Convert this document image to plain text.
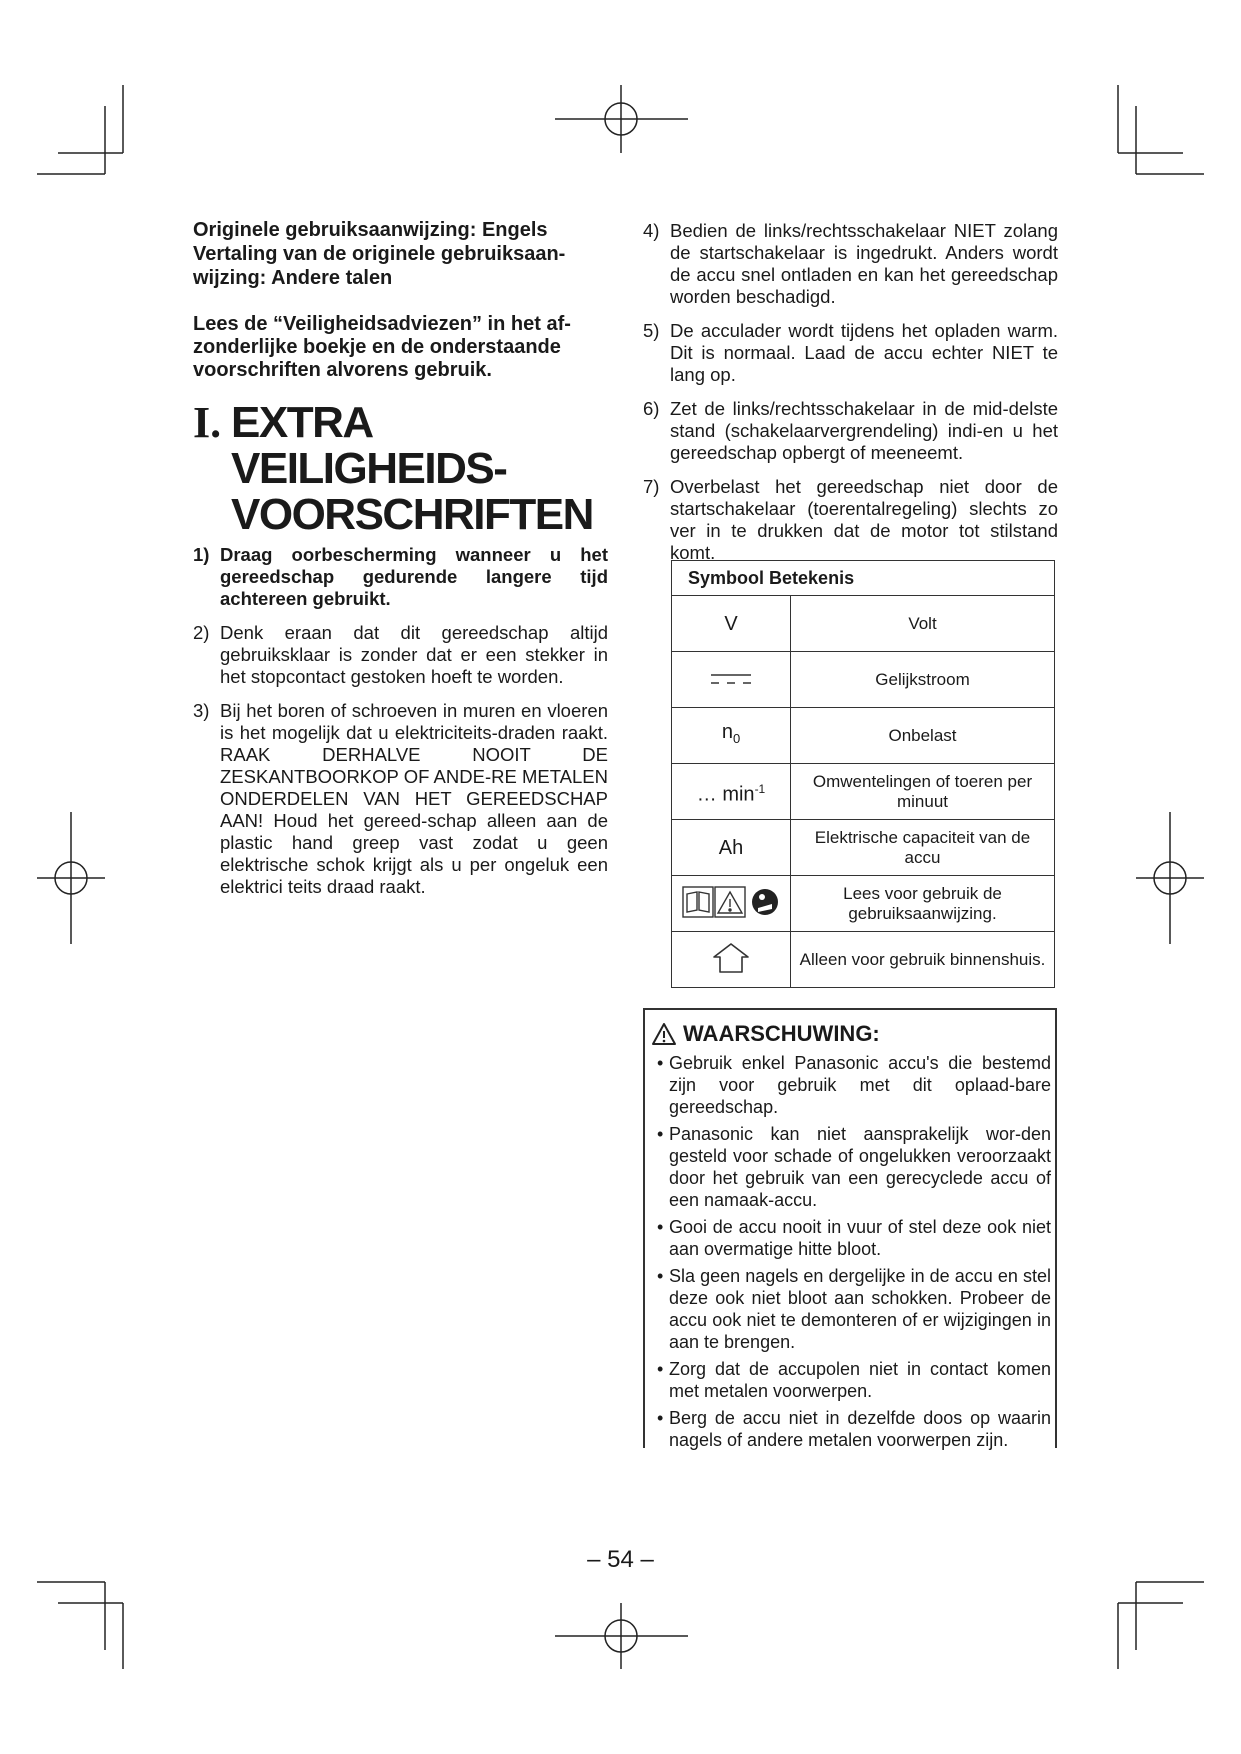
Originele gebruiksaanwijzing: Engels
Vertaling van de originele gebruiksaan-wijzing: Andere talen
Lees de “Veiligheidsadviezen” in het af-zonderlijke boekje en de onderstaande voorschriften alvorens gebruik.
I. EXTRA VEILIGHEIDS-VOORSCHRIFTEN
1) Draag oorbescherming wanneer u het gereedschap gedurende langere tijd achtereen gebruikt.
2) Denk eraan dat dit gereedschap altijd gebruiksklaar is zonder dat er een stekker in het stopcontact gestoken hoeft te worden.
3) Bij het boren of schroeven in muren en vloeren is het mogelijk dat u elektriciteits-draden raakt. RAAK DERHALVE NOOIT DE ZESKANTBOORKOP OF ANDE-RE METALEN ONDERDELEN VAN HET GEREEDSCHAP AAN! Houd het gereed-schap alleen aan de plastic hand greep vast zodat u geen elektrische schok krijgt als u per ongeluk een elektrici teits draad raakt.
4) Bedien de links/rechtsschakelaar NIET zolang de startschakelaar is ingedrukt. Anders wordt de accu snel ontladen en kan het gereedschap worden beschadigd.
5) De acculader wordt tijdens het opladen warm. Dit is normaal. Laad de accu echter NIET te lang op.
6) Zet de links/rechtsschakelaar in de mid-delste stand (schakelaarvergrendeling) indi-en u het gereedschap opbergt of meeneemt.
7) Overbelast het gereedschap niet door de startschakelaar (toerentalregeling) slechts zo ver in te drukken dat de motor tot stilstand komt.
Symbool Betekenis	
V	Volt
	Gelijkstroom
$n_0$	Onbelast
… $\min^{-1}$	Omwentelingen of toeren per minuut
Ah	Elektrische capaciteit van de accu
	Lees voor gebruik de gebruiksaanwijzing.
	Alleen voor gebruik binnenshuis.
WAARSCHUWING:
• Gebruik enkel Panasonic accu's die bestemd zijn voor gebruik met dit oplaad-bare gereedschap.
• Panasonic kan niet aansprakelijk wor-den gesteld voor schade of ongelukken veroorzaakt door het gebruik van een gerecyclede accu of een namaak-accu.
• Gooi de accu nooit in vuur of stel deze ook niet aan overmatige hitte bloot.
• Sla geen nagels en dergelijke in de accu en stel deze ook niet bloot aan schokken. Probeer de accu ook niet te demonteren of er wijzigingen in aan te brengen.
• Zorg dat de accupolen niet in contact komen met metalen voorwerpen.
• Berg de accu niet in dezelfde doos op waarin nagels of andere metalen voorwerpen zijn.
– 54 –
